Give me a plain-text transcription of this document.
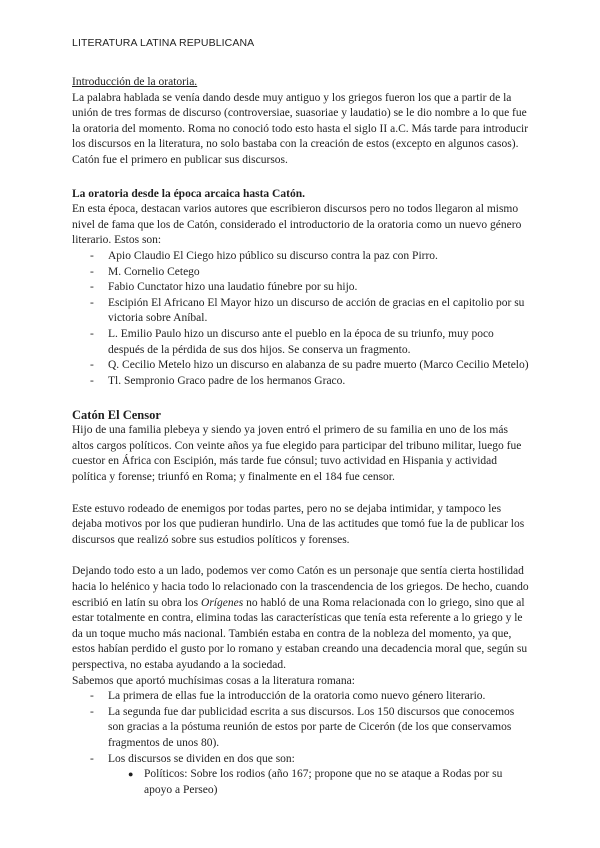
LITERATURA LATINA REPUBLICANA

Introducción de la oratoria.

La palabra hablada se venía dando desde muy antiguo y los griegos fueron los que a partir de la unión de tres formas de discurso (controversiae, suasoriae y laudatio) se le dio nombre a lo que fue la oratoria del momento. Roma no conoció todo esto hasta el siglo II a.C. Más tarde para introducir los discursos en la literatura, no solo bastaba con la creación de estos (excepto en algunos casos). Catón fue el primero en publicar sus discursos.

La oratoria desde la época arcaica hasta Catón.

En esta época, destacan varios autores que escribieron discursos pero no todos llegaron al mismo nivel de fama que los de Catón, considerado el introductorio de la oratoria como un nuevo género literario. Estos son:

- Apio Claudio El Ciego hizo público su discurso contra la paz con Pirro.
- M. Cornelio Cetego
- Fabio Cunctator hizo una laudatio fúnebre por su hijo.
- Escipión El Africano El Mayor hizo un discurso de acción de gracias en el capitolio por su victoria sobre Aníbal.
- L. Emilio Paulo hizo un discurso ante el pueblo en la época de su triunfo, muy poco después de la pérdida de sus dos hijos. Se conserva un fragmento.
- Q. Cecilio Metelo hizo un discurso en alabanza de su padre muerto (Marco Cecilio Metelo)
- Tl. Sempronio Graco padre de los hermanos Graco.

Catón El Censor

Hijo de una familia plebeya y siendo ya joven entró el primero de su familia en uno de los más altos cargos políticos. Con veinte años ya fue elegido para participar del tribuno militar, luego fue cuestor en África con Escipión, más tarde fue cónsul; tuvo actividad en Hispania y actividad política y forense; triunfó en Roma; y finalmente en el 184 fue censor.

Este estuvo rodeado de enemigos por todas partes, pero no se dejaba intimidar, y tampoco les dejaba motivos por los que pudieran hundirlo. Una de las actitudes que tomó fue la de publicar los discursos que realizó sobre sus estudios políticos y forenses.

Dejando todo esto a un lado, podemos ver como Catón es un personaje que sentía cierta hostilidad hacia lo helénico y hacia todo lo relacionado con la trascendencia de los griegos. De hecho, cuando escribió en latín su obra los Orígenes no habló de una Roma relacionada con lo griego, sino que al estar totalmente en contra, elimina todas las características que tenía esta referente a lo griego y le da un toque mucho más nacional. También estaba en contra de la nobleza del momento, ya que, estos habían perdido el gusto por lo romano y estaban creando una decadencia moral que, según su perspectiva, no estaba ayudando a la sociedad.

Sabemos que aportó muchísimas cosas a la literatura romana:

- La primera de ellas fue la introducción de la oratoria como nuevo género literario.
- La segunda fue dar publicidad escrita a sus discursos. Los 150 discursos que conocemos son gracias a la póstuma reunión de estos por parte de Cicerón (de los que conservamos fragmentos de unos 80).
- Los discursos se dividen en dos que son:
● Políticos: Sobre los rodios (año 167; propone que no se ataque a Rodas por su apoyo a Perseo)
